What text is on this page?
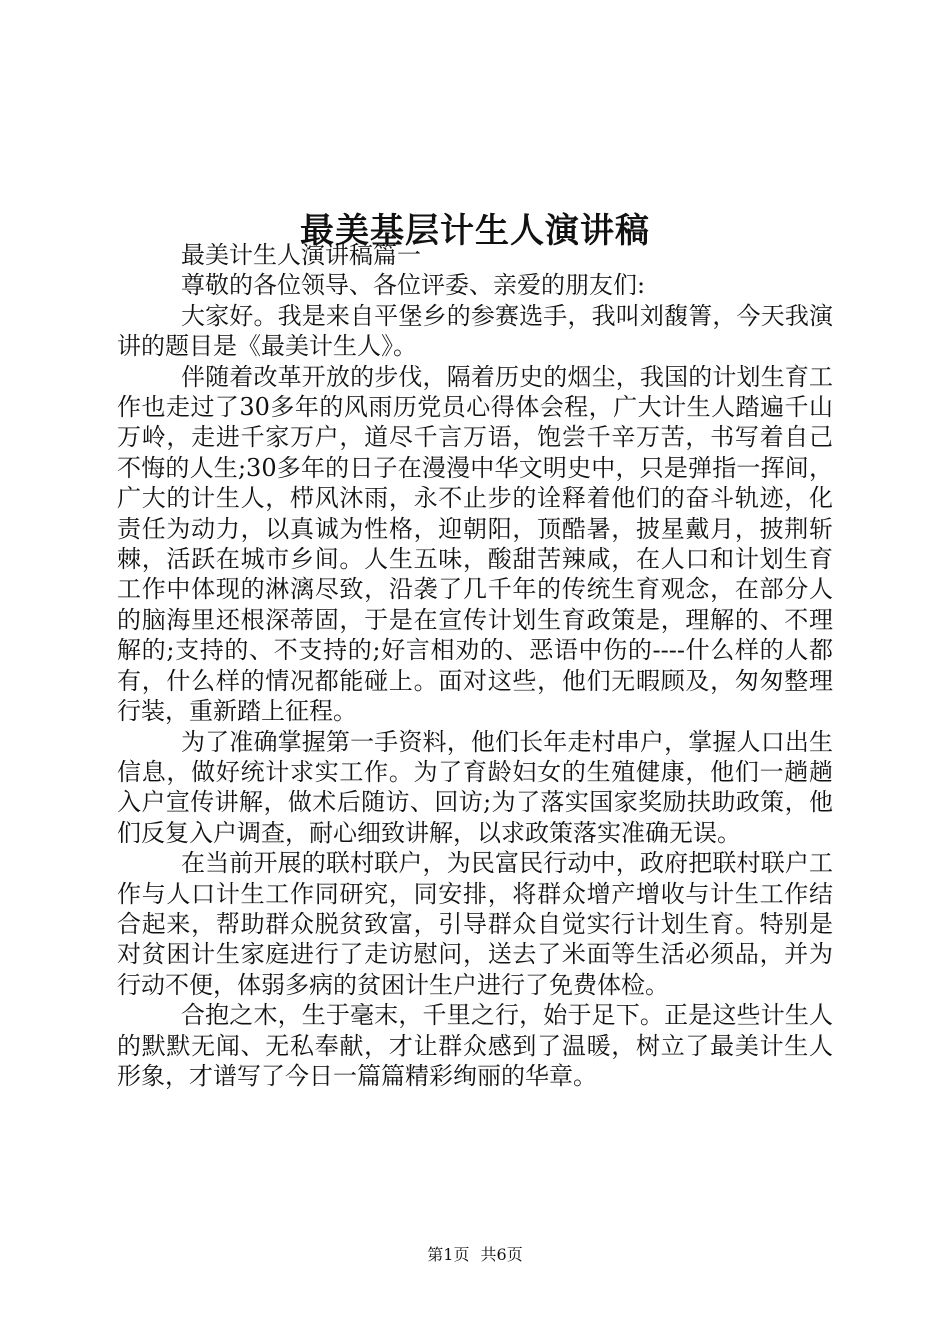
最美基层计生人演讲稿

最美计生人演讲稿篇一

尊敬的各位领导、各位评委、亲爱的朋友们:

大家好。我是来自平堡乡的参赛选手，我叫刘馥箐，今天我演讲的题目是《最美计生人》。

伴随着改革开放的步伐，隔着历史的烟尘，我国的计划生育工作也走过了30多年的风雨历党员心得体会程，广大计生人踏遍千山万岭，走进千家万户，道尽千言万语，饱尝千辛万苦，书写着自己不悔的人生;30多年的日子在漫漫中华文明史中，只是弹指一挥间，广大的计生人，栉风沐雨，永不止步的诠释着他们的奋斗轨迹，化责任为动力，以真诚为性格，迎朝阳，顶酷暑，披星戴月，披荆斩棘，活跃在城市乡间。人生五味，酸甜苦辣咸，在人口和计划生育工作中体现的淋漓尽致，沿袭了几千年的传统生育观念，在部分人的脑海里还根深蒂固，于是在宣传计划生育政策是，理解的、不理解的;支持的、不支持的;好言相劝的、恶语中伤的----什么样的人都有，什么样的情况都能碰上。面对这些，他们无暇顾及，匆匆整理行装，重新踏上征程。

为了准确掌握第一手资料，他们长年走村串户，掌握人口出生信息，做好统计求实工作。为了育龄妇女的生殖健康，他们一趟趟入户宣传讲解，做术后随访、回访;为了落实国家奖励扶助政策，他们反复入户调查，耐心细致讲解，以求政策落实准确无误。

在当前开展的联村联户，为民富民行动中，政府把联村联户工作与人口计生工作同研究，同安排，将群众增产增收与计生工作结合起来，帮助群众脱贫致富，引导群众自觉实行计划生育。特别是对贫困计生家庭进行了走访慰问，送去了米面等生活必须品，并为行动不便，体弱多病的贫困计生户进行了免费体检。

合抱之木，生于毫末，千里之行，始于足下。正是这些计生人的默默无闻、无私奉献，才让群众感到了温暖，树立了最美计生人形象，才谱写了今日一篇篇精彩绚丽的华章。

第1页 共6页
